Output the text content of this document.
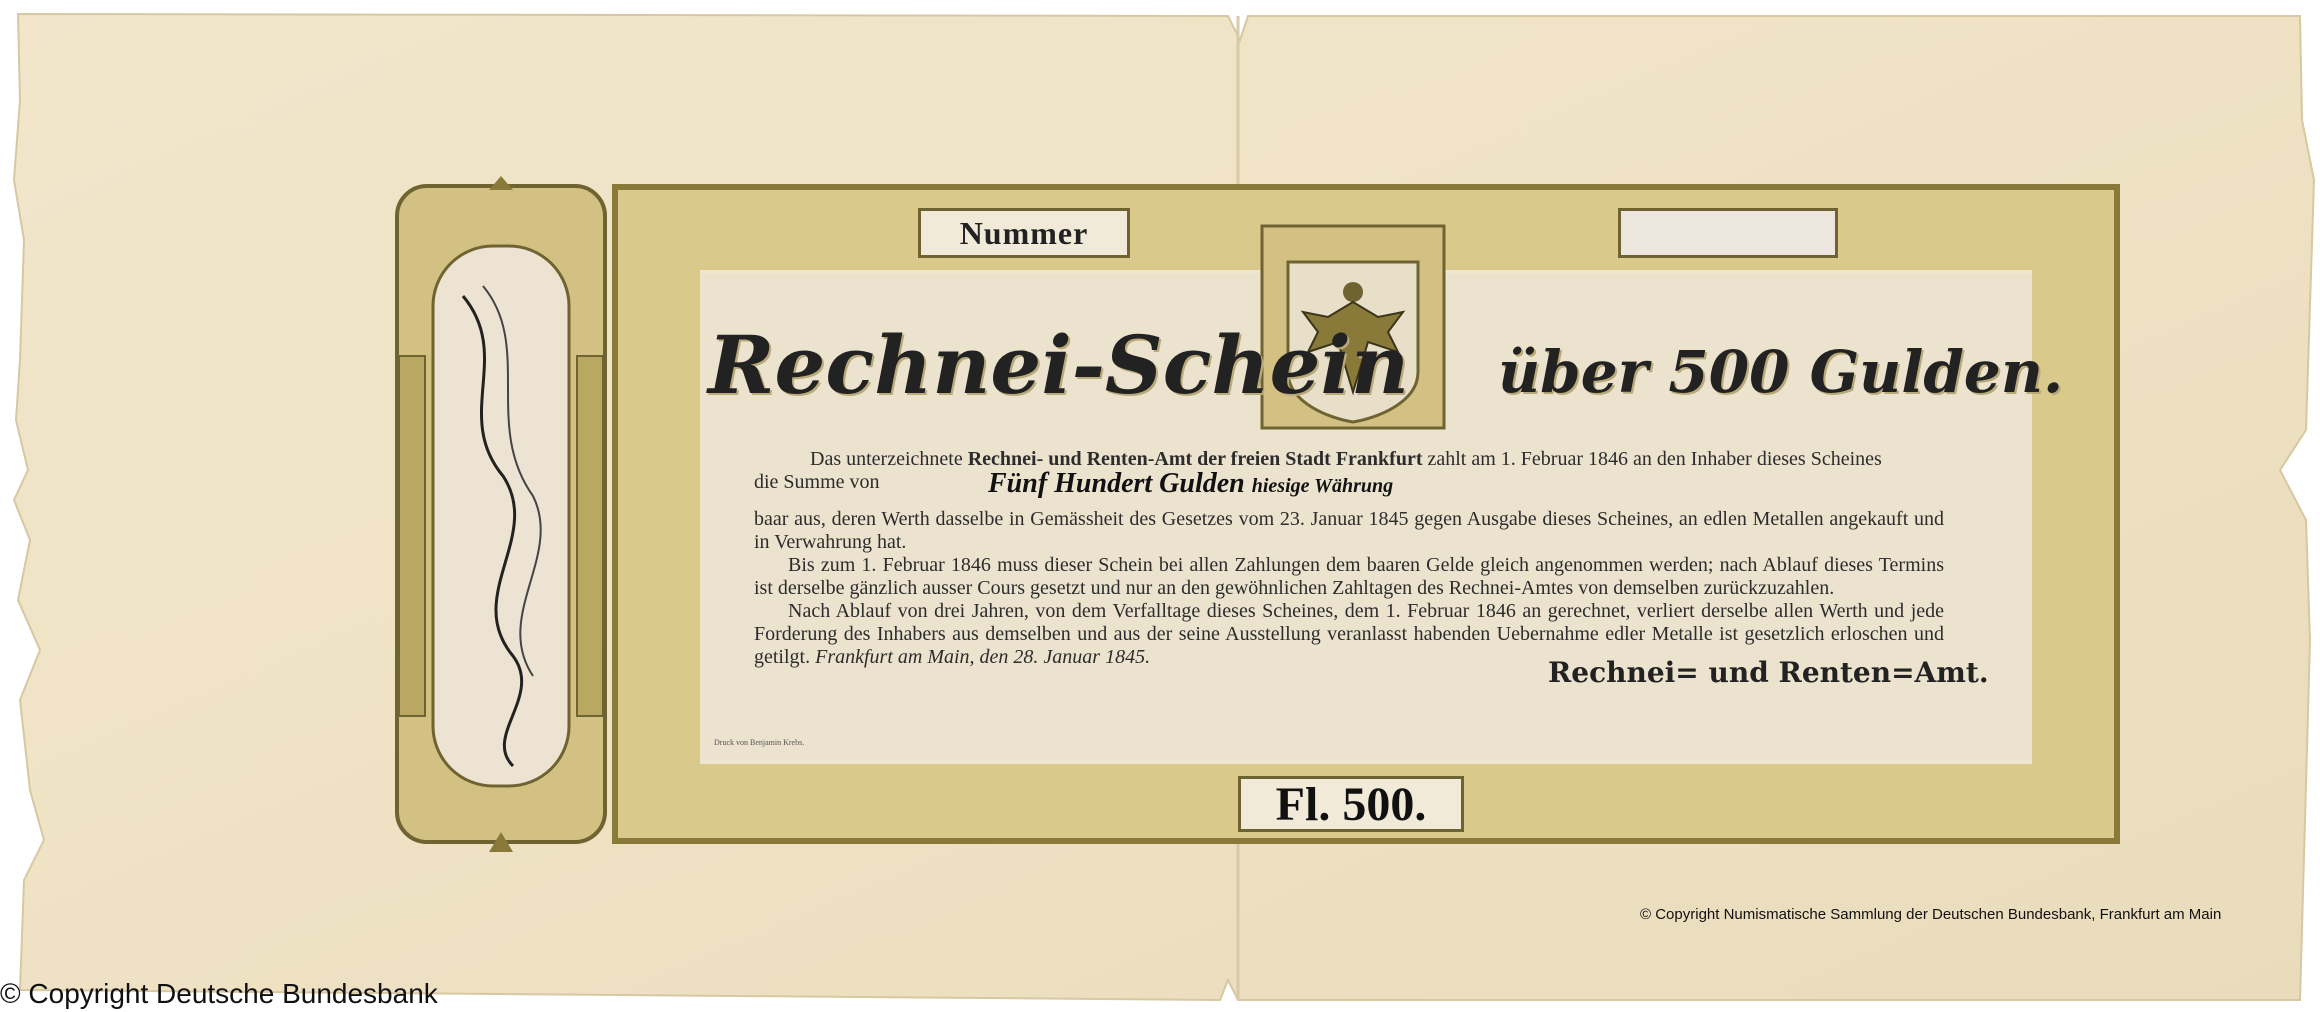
Nummer
Rechnei-Schein über 500 Gulden.
Das unterzeichnete Rechnei- und Renten-Amt der freien Stadt Frankfurt zahlt am 1. Februar 1846 an den Inhaber dieses Scheines
die Summe von	Fünf Hundert Gulden hiesige Währung
baar aus, deren Werth dasselbe in Gemässheit des Gesetzes vom 23. Januar 1845 gegen Ausgabe dieses Scheines, an edlen Metallen angekauft und in Verwahrung hat.
Bis zum 1. Februar 1846 muss dieser Schein bei allen Zahlungen dem baaren Gelde gleich angenommen werden; nach Ablauf dieses Termins ist derselbe gänzlich ausser Cours gesetzt und nur an den gewöhnlichen Zahltagen des Rechnei-Amtes von demselben zurückzuzahlen.
Nach Ablauf von drei Jahren, von dem Verfalltage dieses Scheines, dem 1. Februar 1846 an gerechnet, verliert derselbe allen Werth und jede Forderung des Inhabers aus demselben und aus der seine Ausstellung veranlasst habenden Uebernahme edler Metalle ist gesetzlich erloschen und getilgt. Frankfurt am Main, den 28. Januar 1845.	Rechnei= und Renten=Amt.
Druck von Benjamin Krebs.
Fl. 500.
© Copyright Numismatische Sammlung der Deutschen Bundesbank, Frankfurt am Main
© Copyright Deutsche Bundesbank
